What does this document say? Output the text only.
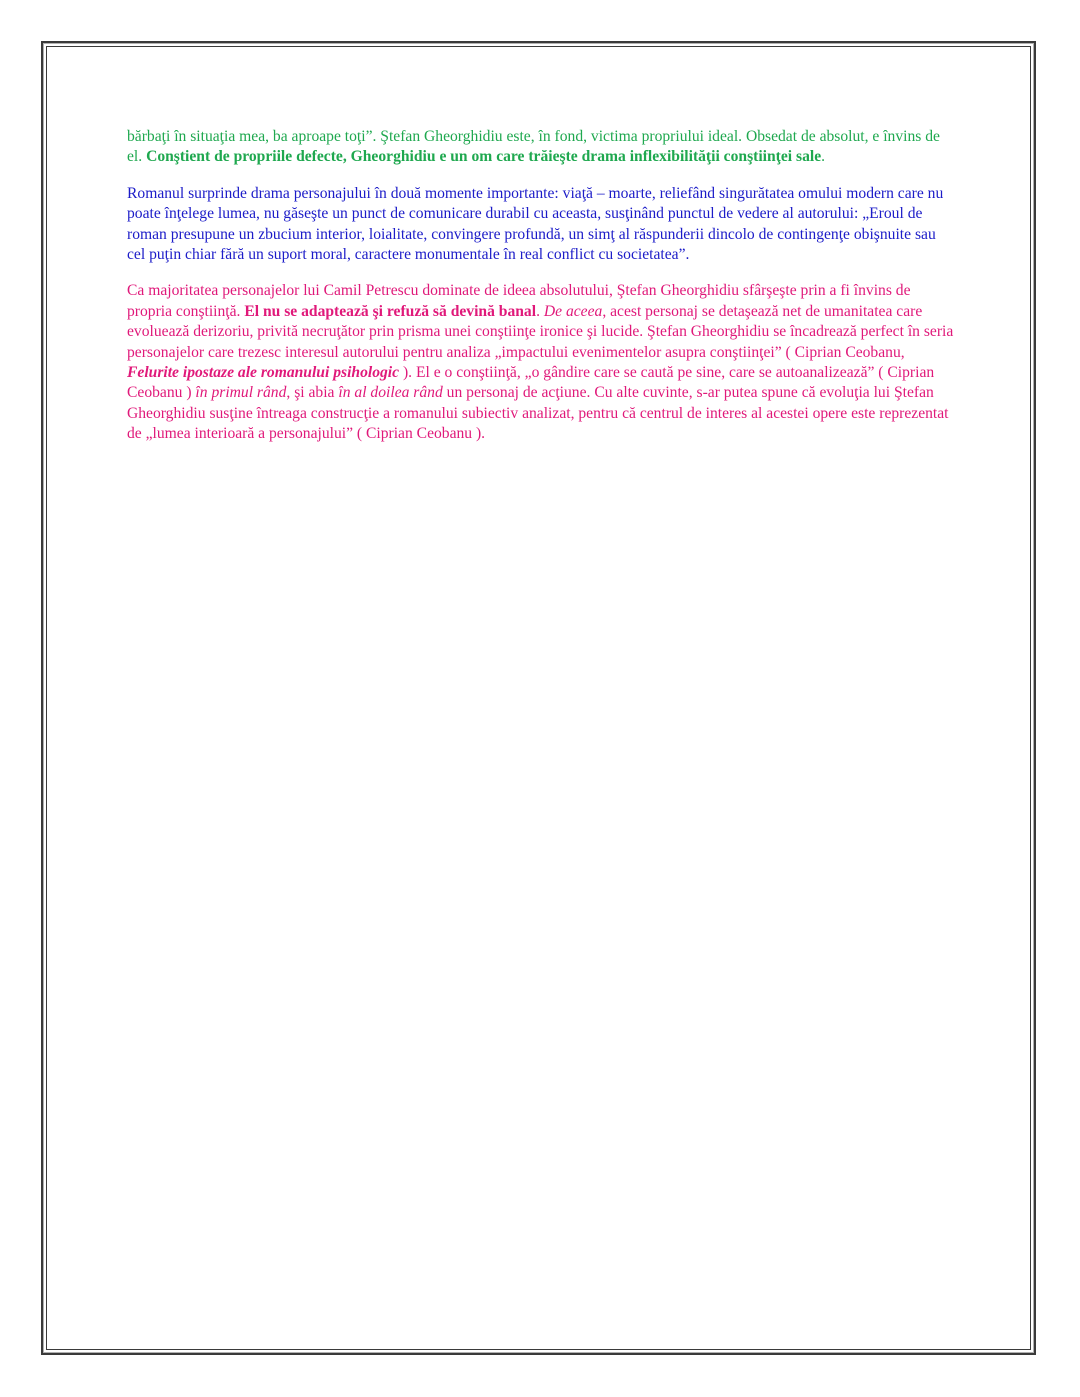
bărbaţi în situaţia mea, ba aproape toţi”. Ştefan Gheorghidiu este, în fond, victima propriului ideal. Obsedat de absolut, e învins de el. Conştient de propriile defecte, Gheorghidiu e un om care trăieşte drama inflexibilităţii conştiinţei sale.

Romanul surprinde drama personajului în două momente importante: viaţă – moarte, reliefând singurătatea omului modern care nu poate înţelege lumea, nu găseşte un punct de comunicare durabil cu aceasta, susţinând punctul de vedere al autorului: „Eroul de roman presupune un zbucium interior, loialitate, convingere profundă, un simţ al răspunderii dincolo de contingenţe obişnuite sau cel puţin chiar fără un suport moral, caractere monumentale în real conflict cu societatea”.

Ca majoritatea personajelor lui Camil Petrescu dominate de ideea absolutului, Ştefan Gheorghidiu sfârşeşte prin a fi învins de propria conştiinţă. El nu se adaptează şi refuză să devină banal. De aceea, acest personaj se detaşează net de umanitatea care evoluează derizoriu, privită necruţător prin prisma unei conştiinţe ironice şi lucide. Ştefan Gheorghidiu se încadrează perfect în seria personajelor care trezesc interesul autorului pentru analiza „impactului evenimentelor asupra conştiinţei” ( Ciprian Ceobanu, Felurite ipostaze ale romanului psihologic ). El e o conştiinţă, „o gândire care se caută pe sine, care se autoanalizează” ( Ciprian Ceobanu ) în primul rând, şi abia în al doilea rând un personaj de acţiune. Cu alte cuvinte, s-ar putea spune că evoluţia lui Ştefan Gheorghidiu susţine întreaga construcţie a romanului subiectiv analizat, pentru că centrul de interes al acestei opere este reprezentat de „lumea interioară a personajului” ( Ciprian Ceobanu ).
